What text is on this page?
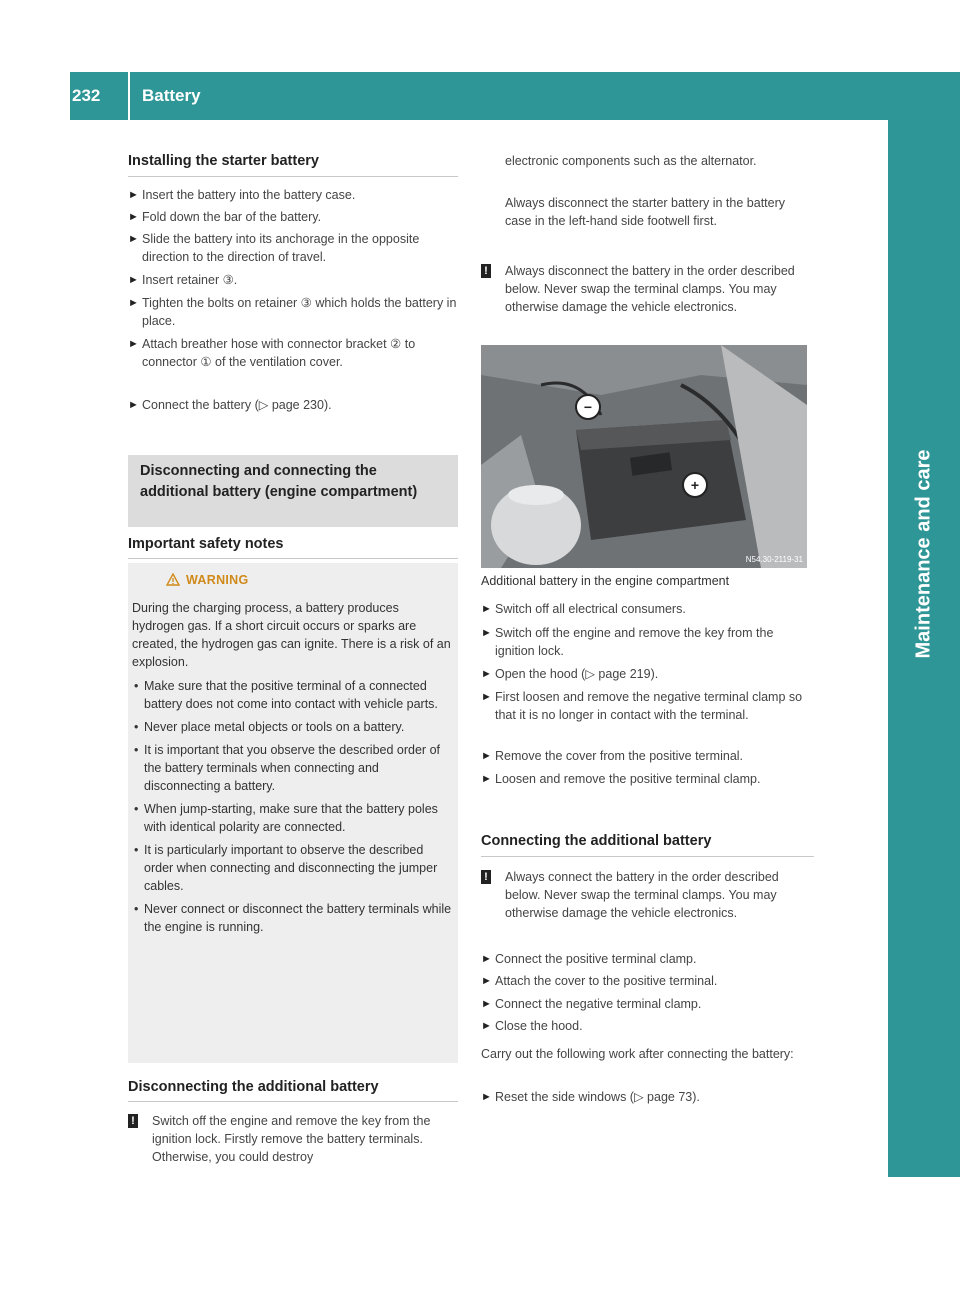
232	Battery
Maintenance and care
Installing the starter battery
► Insert the battery into the battery case.
► Fold down the bar of the battery.
► Slide the battery into its anchorage in the opposite direction to the direction of travel.
► Insert retainer ③.
► Tighten the bolts on retainer ③ which holds the battery in place.
► Attach breather hose with connector bracket ② to connector ① of the ventilation cover.
► Connect the battery (▷ page 230).
Disconnecting and connecting the additional battery (engine compartment)
Important safety notes
WARNING
During the charging process, a battery produces hydrogen gas. If a short circuit occurs or sparks are created, the hydrogen gas can ignite. There is a risk of an explosion.
• Make sure that the positive terminal of a connected battery does not come into contact with vehicle parts.
• Never place metal objects or tools on a battery.
• It is important that you observe the described order of the battery terminals when connecting and disconnecting a battery.
• When jump-starting, make sure that the battery poles with identical polarity are connected.
• It is particularly important to observe the described order when connecting and disconnecting the jumper cables.
• Never connect or disconnect the battery terminals while the engine is running.
Disconnecting the additional battery
! Switch off the engine and remove the key from the ignition lock. Firstly remove the battery terminals. Otherwise, you could destroy
electronic components such as the alternator.
Always disconnect the starter battery in the battery case in the left-hand side footwell first.
! Always disconnect the battery in the order described below. Never swap the terminal clamps. You may otherwise damage the vehicle electronics.
−
+
N54.30-2119-31
Additional battery in the engine compartment
► Switch off all electrical consumers.
► Switch off the engine and remove the key from the ignition lock.
► Open the hood (▷ page 219).
► First loosen and remove the negative terminal clamp so that it is no longer in contact with the terminal.
► Remove the cover from the positive terminal.
► Loosen and remove the positive terminal clamp.
Connecting the additional battery
! Always connect the battery in the order described below. Never swap the terminal clamps. You may otherwise damage the vehicle electronics.
► Connect the positive terminal clamp.
► Attach the cover to the positive terminal.
► Connect the negative terminal clamp.
► Close the hood.
Carry out the following work after connecting the battery:
► Reset the side windows (▷ page 73).
